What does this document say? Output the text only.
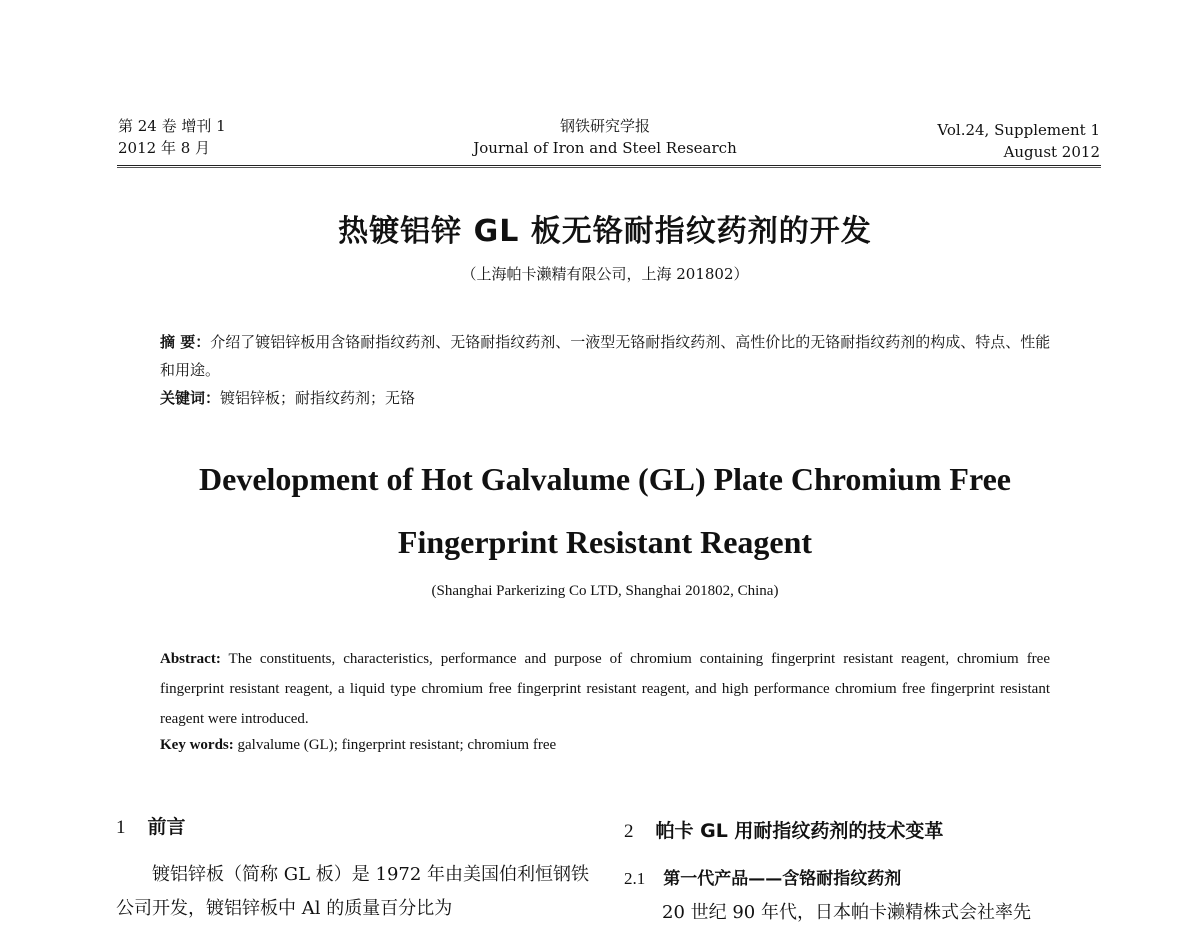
第 24 卷 增刊 1
2012 年 8 月
钢铁研究学报
Journal of Iron and Steel Research
Vol.24, Supplement 1
August 2012
热镀铝锌 GL 板无铬耐指纹药剂的开发
（上海帕卡濑精有限公司，上海 201802）
摘 要：介绍了镀铝锌板用含铬耐指纹药剂、无铬耐指纹药剂、一液型无铬耐指纹药剂、高性价比的无铬耐指纹药剂的构成、特点、性能和用途。
关键词：镀铝锌板；耐指纹药剂；无铬
Development of Hot Galvalume (GL) Plate Chromium Free
Fingerprint Resistant Reagent
(Shanghai Parkerizing Co LTD, Shanghai 201802, China)
Abstract: The constituents, characteristics, performance and purpose of chromium containing fingerprint resistant reagent, chromium free fingerprint resistant reagent, a liquid type chromium free fingerprint resistant reagent, and high performance chromium free fingerprint resistant reagent were introduced.
Key words: galvalume (GL); fingerprint resistant; chromium free
1 前言
镀铝锌板（简称 GL 板）是 1972 年由美国伯利恒钢铁公司开发，镀铝锌板中 Al 的质量百分比为
2 帕卡 GL 用耐指纹药剂的技术变革
2.1 第一代产品——含铬耐指纹药剂
20 世纪 90 年代，日本帕卡濑精株式会社率先
